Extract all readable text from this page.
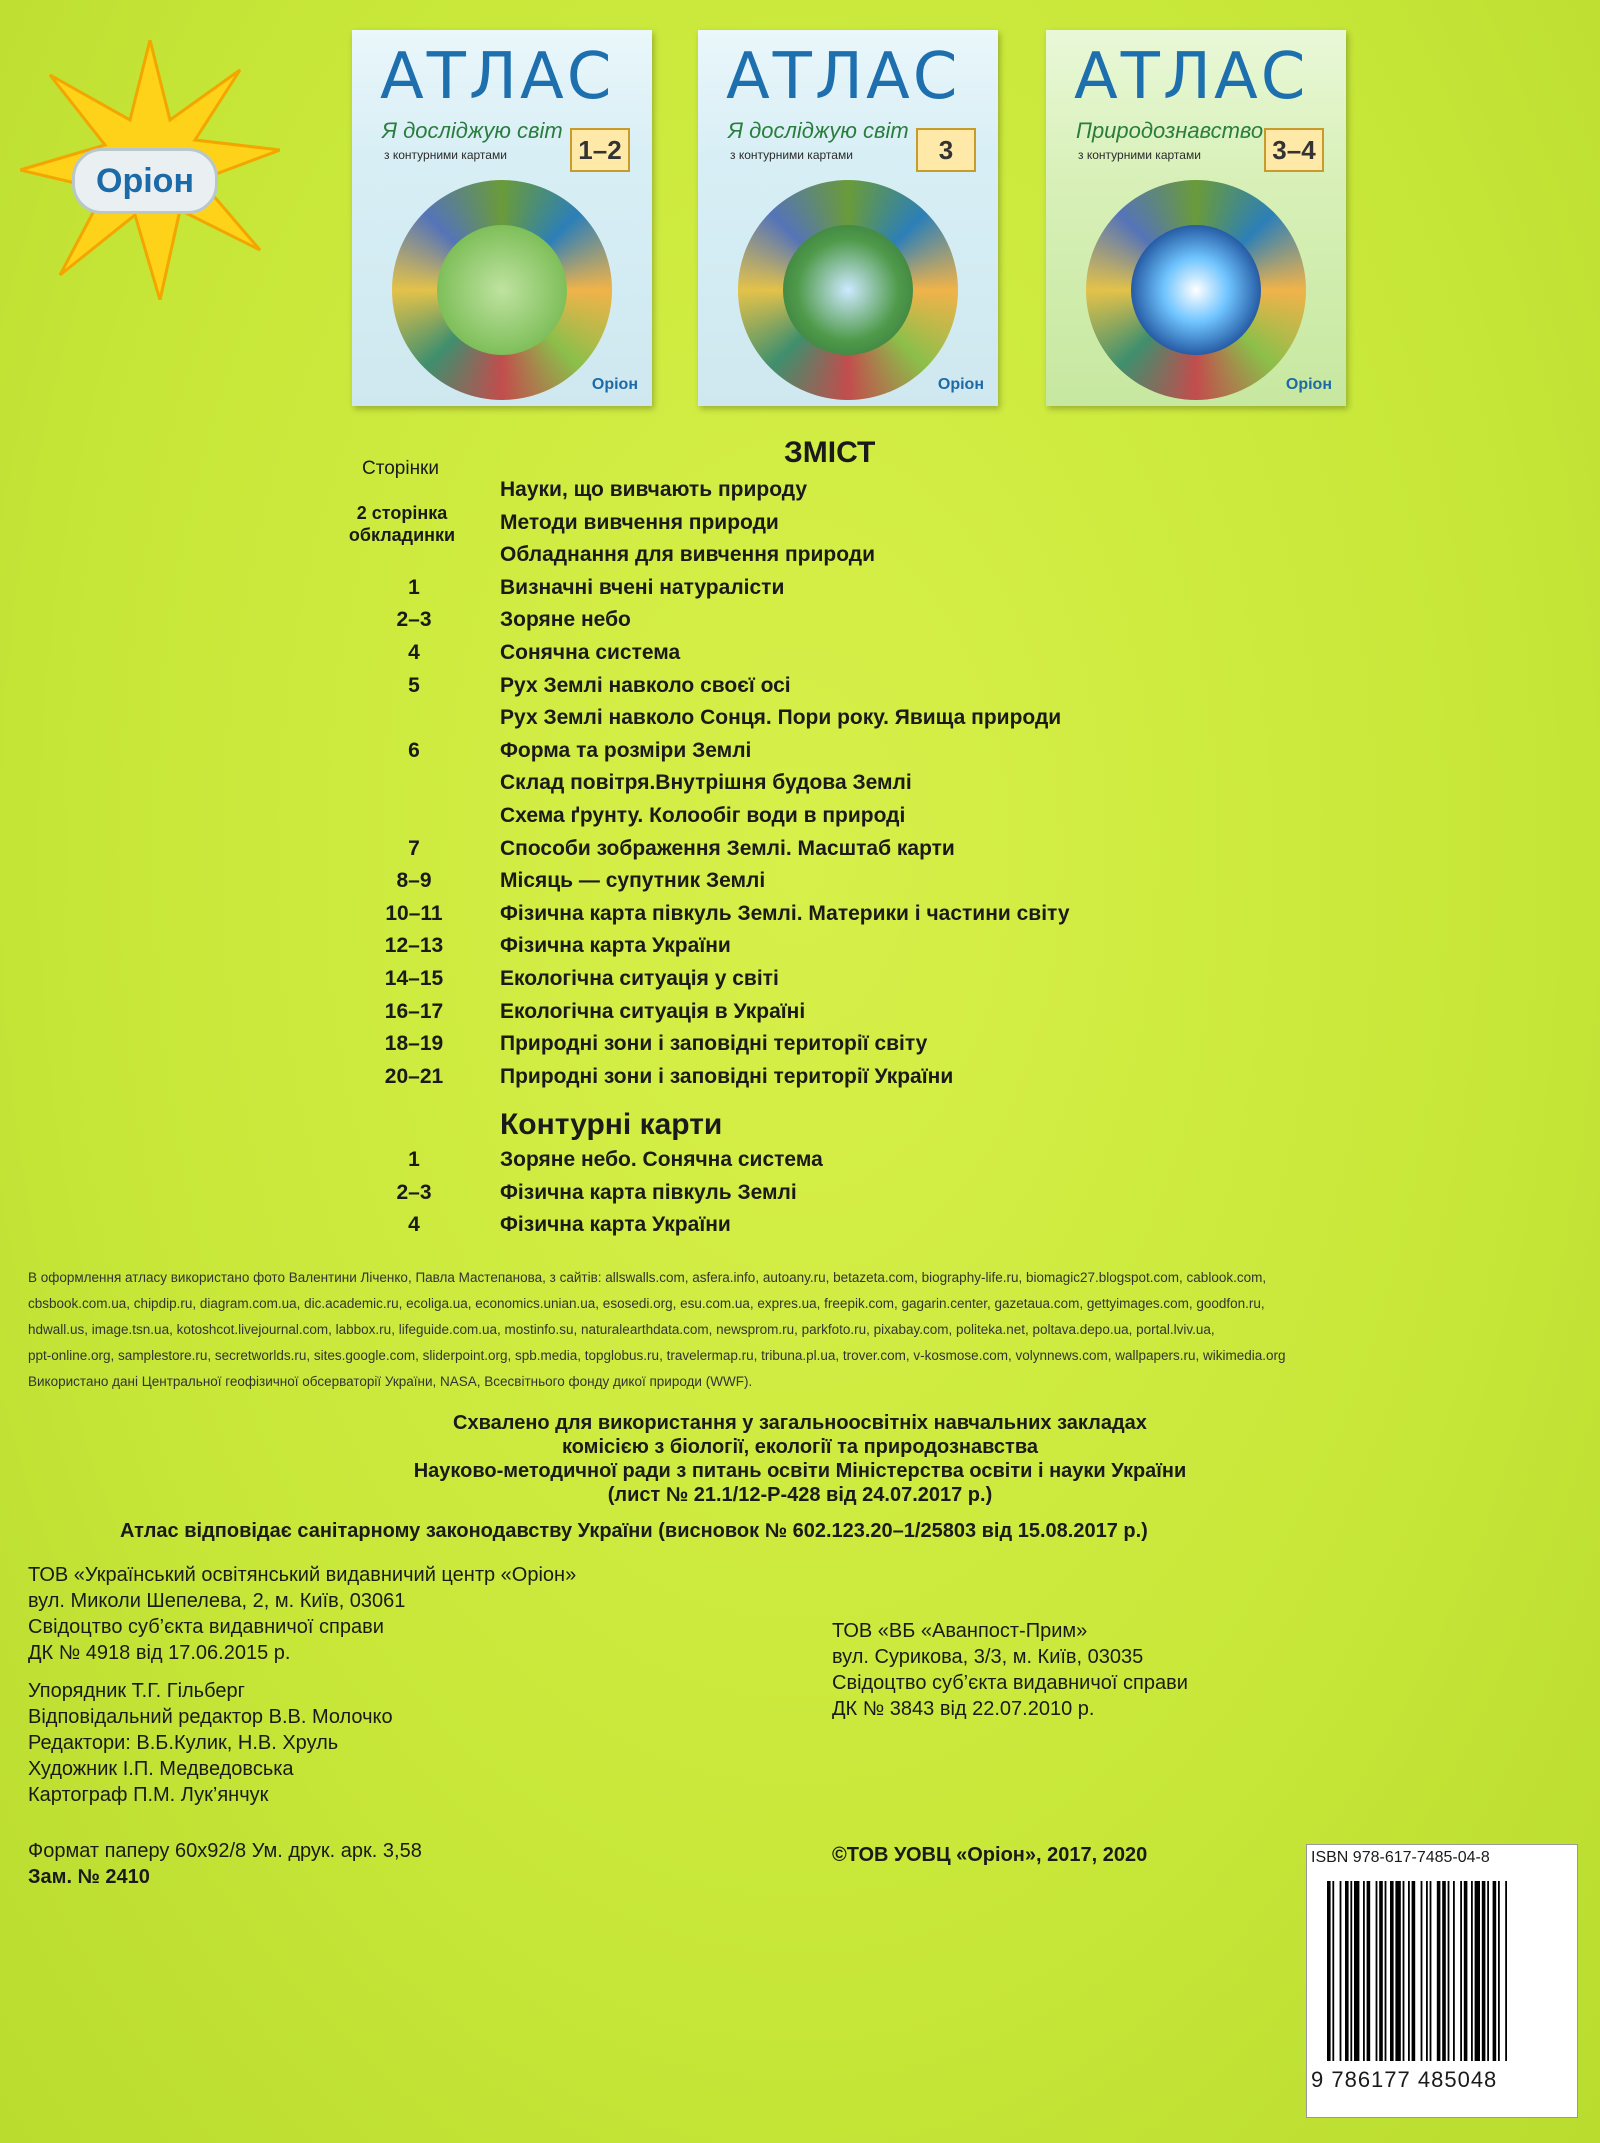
Оріон
АТЛАС
Я досліджую світ
з контурними картами	1–2
Оріон
АТЛАС
Я досліджую світ
з контурними картами	3
Оріон
АТЛАС
Природознавство
з контурними картами	3–4
Оріон
ЗМІСТ
Сторінки
2 сторінка обкладинки
Науки, що вивчають природу
Методи вивчення природи
Обладнання для вивчення природи
1	Визначні вчені натуралісти
2–3	Зоряне небо
4	Сонячна система
5	Рух Землі навколо своєї осі
Рух Землі навколо Сонця. Пори року. Явища природи
6	Форма та розміри Землі
Склад повітря.Внутрішня будова Землі
Схема ґрунту. Колообіг води в природі
7	Способи зображення Землі. Масштаб карти
8–9	Місяць — супутник Землі
10–11	Фізична карта півкуль Землі. Материки і частини світу
12–13	Фізична карта України
14–15	Екологічна ситуація у світі
16–17	Екологічна ситуація в Україні
18–19	Природні зони і заповідні території світу
20–21	Природні зони і заповідні території України
Контурні карти
1	Зоряне небо. Сонячна система
2–3	Фізична карта півкуль Землі
4	Фізична карта України
В оформлення атласу використано фото Валентини Ліченко, Павла Мастепанова, з сайтів: allswalls.com, asfera.info, autoany.ru, betazeta.com, biography-life.ru, biomagic27.blogspot.com, cablook.com,
cbsbook.com.ua, chipdip.ru, diagram.com.ua, dic.academic.ru, ecoliga.ua, economics.unian.ua, esosedi.org, esu.com.ua, expres.ua, freepik.com, gagarin.center, gazetaua.com, gettyimages.com, goodfon.ru,
hdwall.us, image.tsn.ua, kotoshcot.livejournal.com, labbox.ru, lifeguide.com.ua, mostinfo.su, naturalearthdata.com, newsprom.ru, parkfoto.ru, pixabay.com, politeka.net, poltava.depo.ua, portal.lviv.ua,
ppt-online.org, samplestore.ru, secretworlds.ru, sites.google.com, sliderpoint.org, spb.media, topglobus.ru, travelermap.ru, tribuna.pl.ua, trover.com, v-kosmose.com, volynnews.com, wallpapers.ru, wikimedia.org
Використано дані Центральної геофізичної обсерваторії України, NASA, Всесвітнього фонду дикої природи (WWF).
Схвалено для використання у загальноосвітніх навчальних закладах
комісією з біології, екології та природознавства
Науково-методичної ради з питань освіти Міністерства освіти і науки України
(лист № 21.1/12-Р-428 від 24.07.2017 р.)
Атлас відповідає санітарному законодавству України (висновок № 602.123.20–1/25803 від 15.08.2017 р.)
ТОВ «Український освітянський видавничий центр «Оріон»
вул. Миколи Шепелева, 2, м. Київ, 03061
Свідоцтво суб’єкта видавничої справи
ДК № 4918 від 17.06.2015 р.
Упорядник Т.Г. Гільберг
Відповідальний редактор В.В. Молочко
Редактори: В.Б.Кулик, Н.В. Хруль
Художник І.П. Медведовська
Картограф П.М. Лук’янчук
Формат паперу 60х92/8 Ум. друк. арк. 3,58
Зам. № 2410
ТОВ «ВБ «Аванпост-Прим»
вул. Сурикова, 3/3, м. Київ, 03035
Свідоцтво суб’єкта видавничої справи
ДК № 3843 від 22.07.2010 р.
©ТОВ УОВЦ «Оріон», 2017, 2020	ISBN 978-617-7485-04-8
9 786177 485048
